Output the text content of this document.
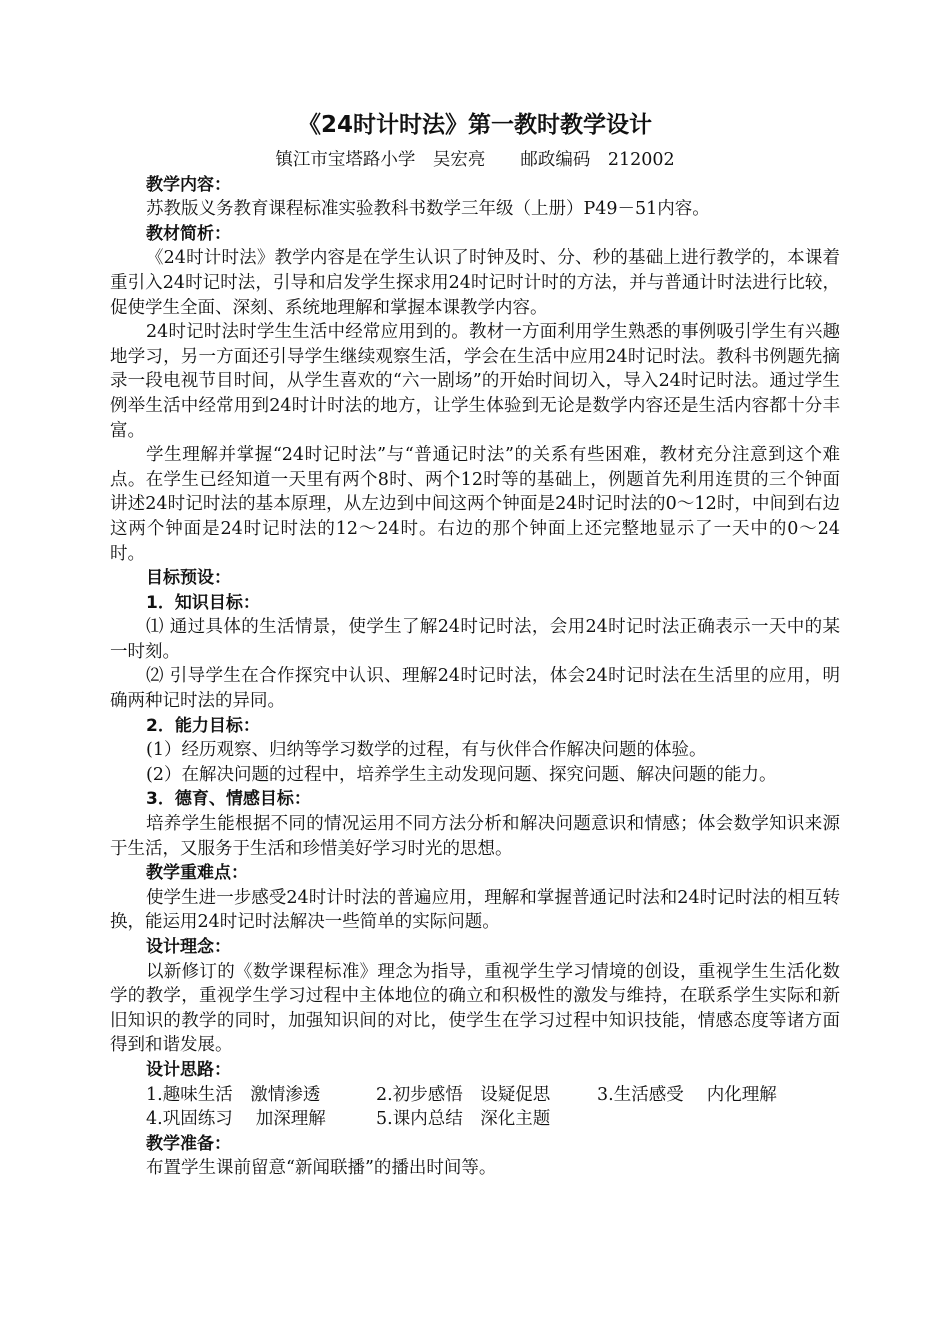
《24时计时法》第一教时教学设计

镇江市宝塔路小学　吴宏亮　　邮政编码　212002

教学内容：

苏教版义务教育课程标准实验教科书数学三年级（上册）P49－51内容。

教材简析：

《24时计时法》教学内容是在学生认识了时钟及时、分、秒的基础上进行教学的，本课着重引入24时记时法，引导和启发学生探求用24时记时计时的方法，并与普通计时法进行比较，促使学生全面、深刻、系统地理解和掌握本课教学内容。

24时记时法时学生生活中经常应用到的。教材一方面利用学生熟悉的事例吸引学生有兴趣地学习，另一方面还引导学生继续观察生活，学会在生活中应用24时记时法。教科书例题先摘录一段电视节目时间，从学生喜欢的“六一剧场”的开始时间切入，导入24时记时法。通过学生例举生活中经常用到24时计时法的地方，让学生体验到无论是数学内容还是生活内容都十分丰富。

学生理解并掌握“24时记时法”与“普通记时法”的关系有些困难，教材充分注意到这个难点。在学生已经知道一天里有两个8时、两个12时等的基础上，例题首先利用连贯的三个钟面讲述24时记时法的基本原理，从左边到中间这两个钟面是24时记时法的0～12时，中间到右边这两个钟面是24时记时法的12～24时。右边的那个钟面上还完整地显示了一天中的0～24时。

目标预设：

1．知识目标：

⑴ 通过具体的生活情景，使学生了解24时记时法，会用24时记时法正确表示一天中的某一时刻。

⑵ 引导学生在合作探究中认识、理解24时记时法，体会24时记时法在生活里的应用，明确两种记时法的异同。

2．能力目标：

(1）经历观察、归纳等学习数学的过程，有与伙伴合作解决问题的体验。

(2）在解决问题的过程中，培养学生主动发现问题、探究问题、解决问题的能力。

3．德育、情感目标：

培养学生能根据不同的情况运用不同方法分析和解决问题意识和情感；体会数学知识来源于生活，又服务于生活和珍惜美好学习时光的思想。

教学重难点：

使学生进一步感受24时计时法的普遍应用，理解和掌握普通记时法和24时记时法的相互转换，能运用24时记时法解决一些简单的实际问题。

设计理念：

以新修订的《数学课程标准》理念为指导，重视学生学习情境的创设，重视学生生活化数学的教学，重视学生学习过程中主体地位的确立和积极性的激发与维持，在联系学生实际和新旧知识的教学的同时，加强知识间的对比，使学生在学习过程中知识技能，情感态度等诸方面得到和谐发展。

设计思路：

1.趣味生活　激情渗透	2.初步感悟　设疑促思	3.生活感受　 内化理解
4.巩固练习　 加深理解	5.课内总结　深化主题

教学准备：

布置学生课前留意“新闻联播”的播出时间等。
